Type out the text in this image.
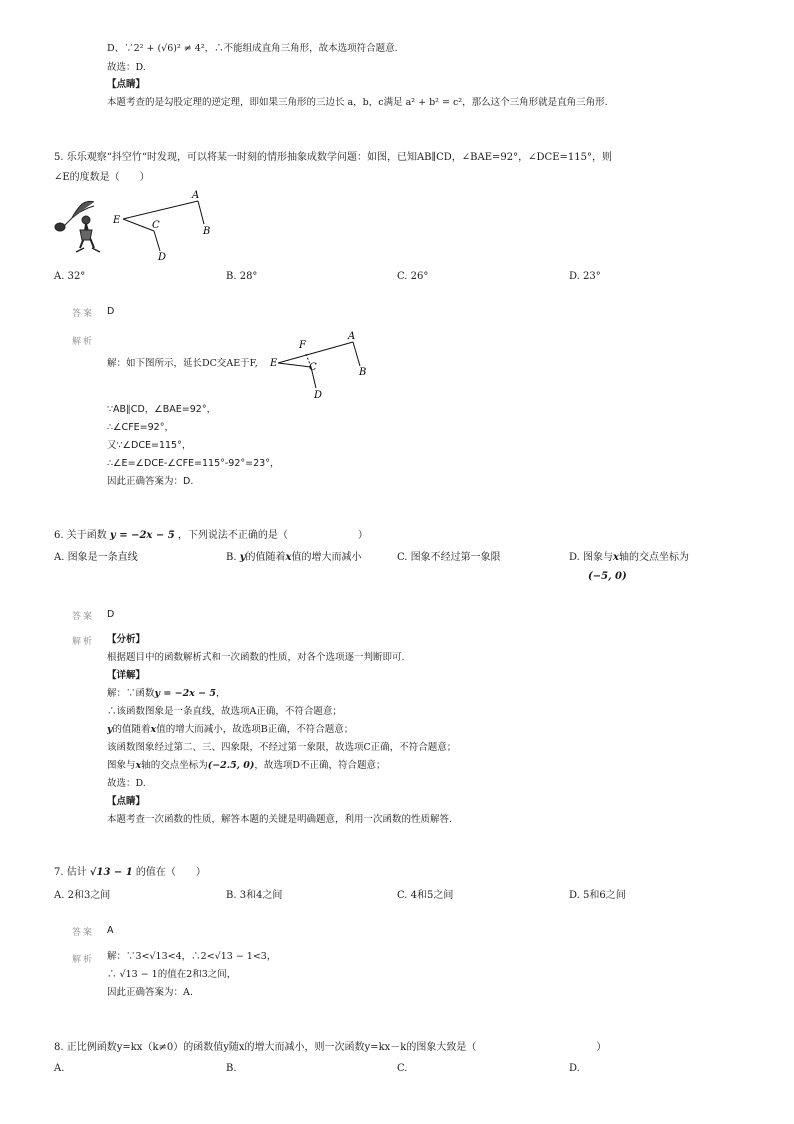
D、∵2² + (√6)² ≠ 4²，∴不能组成直角三角形，故本选项符合题意.
故选：D.
【点睛】
本题考查的是勾股定理的逆定理，即如果三角形的三边长 a，b，c满足 a² + b² = c²，那么这个三角形就是直角三角形.
5. 乐乐观察“抖空竹“时发现，可以将某一时刻的情形抽象成数学问题：如图，已知AB∥CD，∠BAE=92°，∠DCE=115°，则
∠E的度数是（　　）
A
B
C
D
E
A. 32°	B. 28°	C. 26°	D. 23°
答案 D
解析
解：如下图所示，延长DC交AE于F,
A
B
C
D
E
F
∵AB∥CD，∠BAE=92°，
∴∠CFE=92°，
又∵∠DCE=115°，
∴∠E=∠DCE-∠CFE=115°-92°=23°，
因此正确答案为：D.
6. 关于函数 y = −2x − 5 ，下列说法不正确的是（　　　　　　　）
A. 图象是一条直线	B. y的值随着x值的增大而减小	C. 图象不经过第一象限	D. 图象与x轴的交点坐标为
(−5, 0)
答案 D
解析 【分析】
根据题目中的函数解析式和一次函数的性质，对各个选项逐一判断即可.
【详解】
解：∵函数y = −2x − 5，
∴该函数图象是一条直线，故选项A正确，不符合题意；
y的值随着x值的增大而减小，故选项B正确，不符合题意；
该函数图象经过第二、三、四象限，不经过第一象限，故选项C正确，不符合题意；
图象与x轴的交点坐标为(−2.5, 0)，故选项D不正确，符合题意；
故选：D.
【点睛】
本题考查一次函数的性质，解答本题的关键是明确题意，利用一次函数的性质解答.
7. 估计 √13 − 1 的值在（　　）
A. 2和3之间	B. 3和4之间	C. 4和5之间	D. 5和6之间
答案 A
解析 解：∵3<√13<4，∴2<√13 − 1<3，
∴ √13 − 1的值在2和3之间，
因此正确答案为：A.
8. 正比例函数y=kx（k≠0）的函数值y随x的增大而减小，则一次函数y=kx－k的图象大致是（　　　　　　　　　　　　）
A.	B.	C.	D.
